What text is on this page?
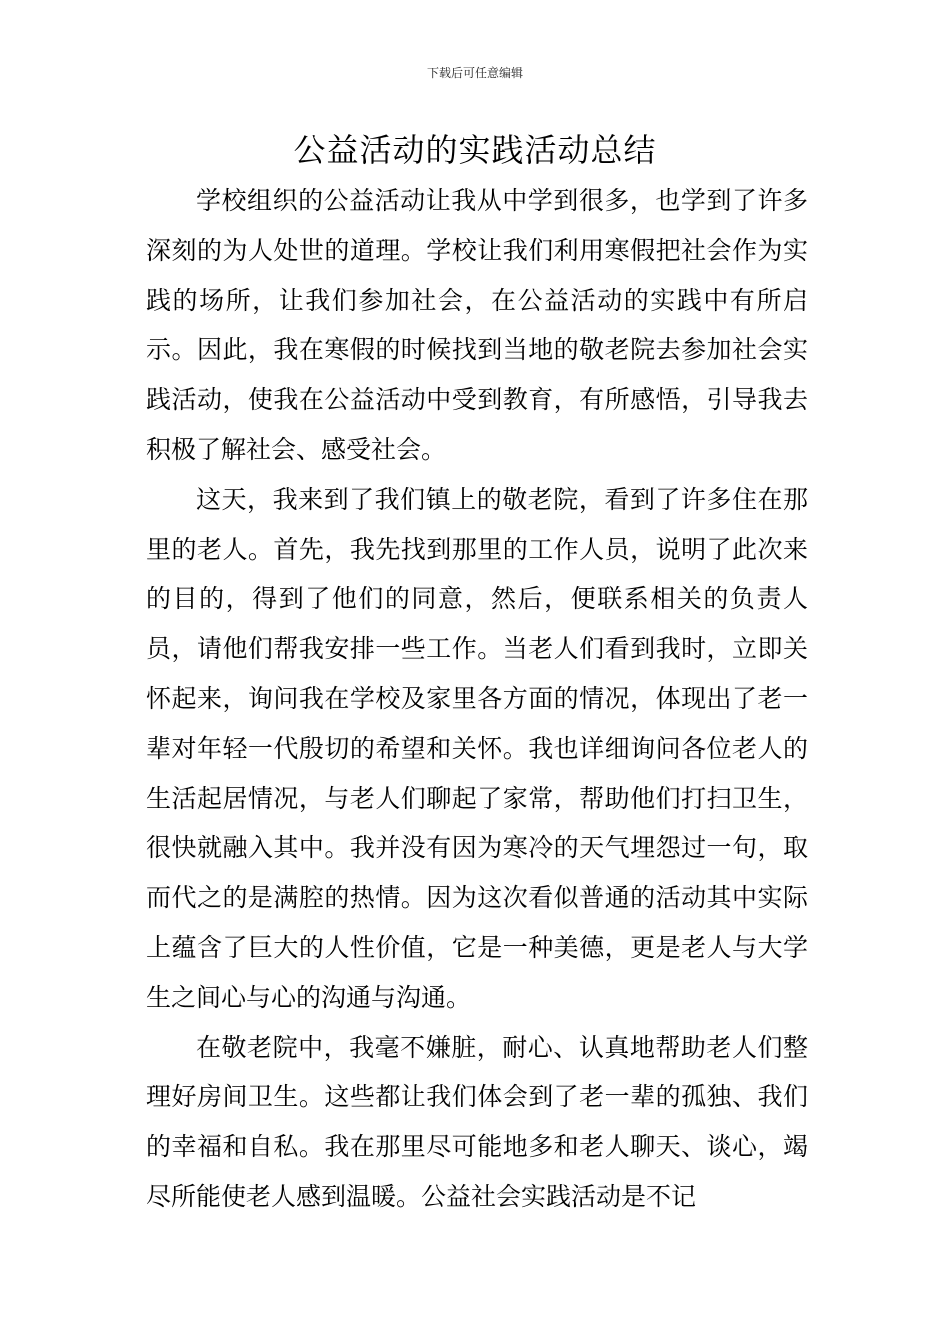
下载后可任意编辑
公益活动的实践活动总结

学校组织的公益活动让我从中学到很多，也学到了许多深刻的为人处世的道理。学校让我们利用寒假把社会作为实践的场所，让我们参加社会，在公益活动的实践中有所启示。因此，我在寒假的时候找到当地的敬老院去参加社会实践活动，使我在公益活动中受到教育，有所感悟，引导我去积极了解社会、感受社会。

这天，我来到了我们镇上的敬老院，看到了许多住在那里的老人。首先，我先找到那里的工作人员，说明了此次来的目的，得到了他们的同意，然后，便联系相关的负责人员，请他们帮我安排一些工作。当老人们看到我时，立即关怀起来，询问我在学校及家里各方面的情况，体现出了老一辈对年轻一代殷切的希望和关怀。我也详细询问各位老人的生活起居情况，与老人们聊起了家常，帮助他们打扫卫生，很快就融入其中。我并没有因为寒冷的天气埋怨过一句，取而代之的是满腔的热情。因为这次看似普通的活动其中实际上蕴含了巨大的人性价值，它是一种美德，更是老人与大学生之间心与心的沟通与沟通。

在敬老院中，我毫不嫌脏，耐心、认真地帮助老人们整理好房间卫生。这些都让我们体会到了老一辈的孤独、我们的幸福和自私。我在那里尽可能地多和老人聊天、谈心，竭尽所能使老人感到温暖。公益社会实践活动是不记
